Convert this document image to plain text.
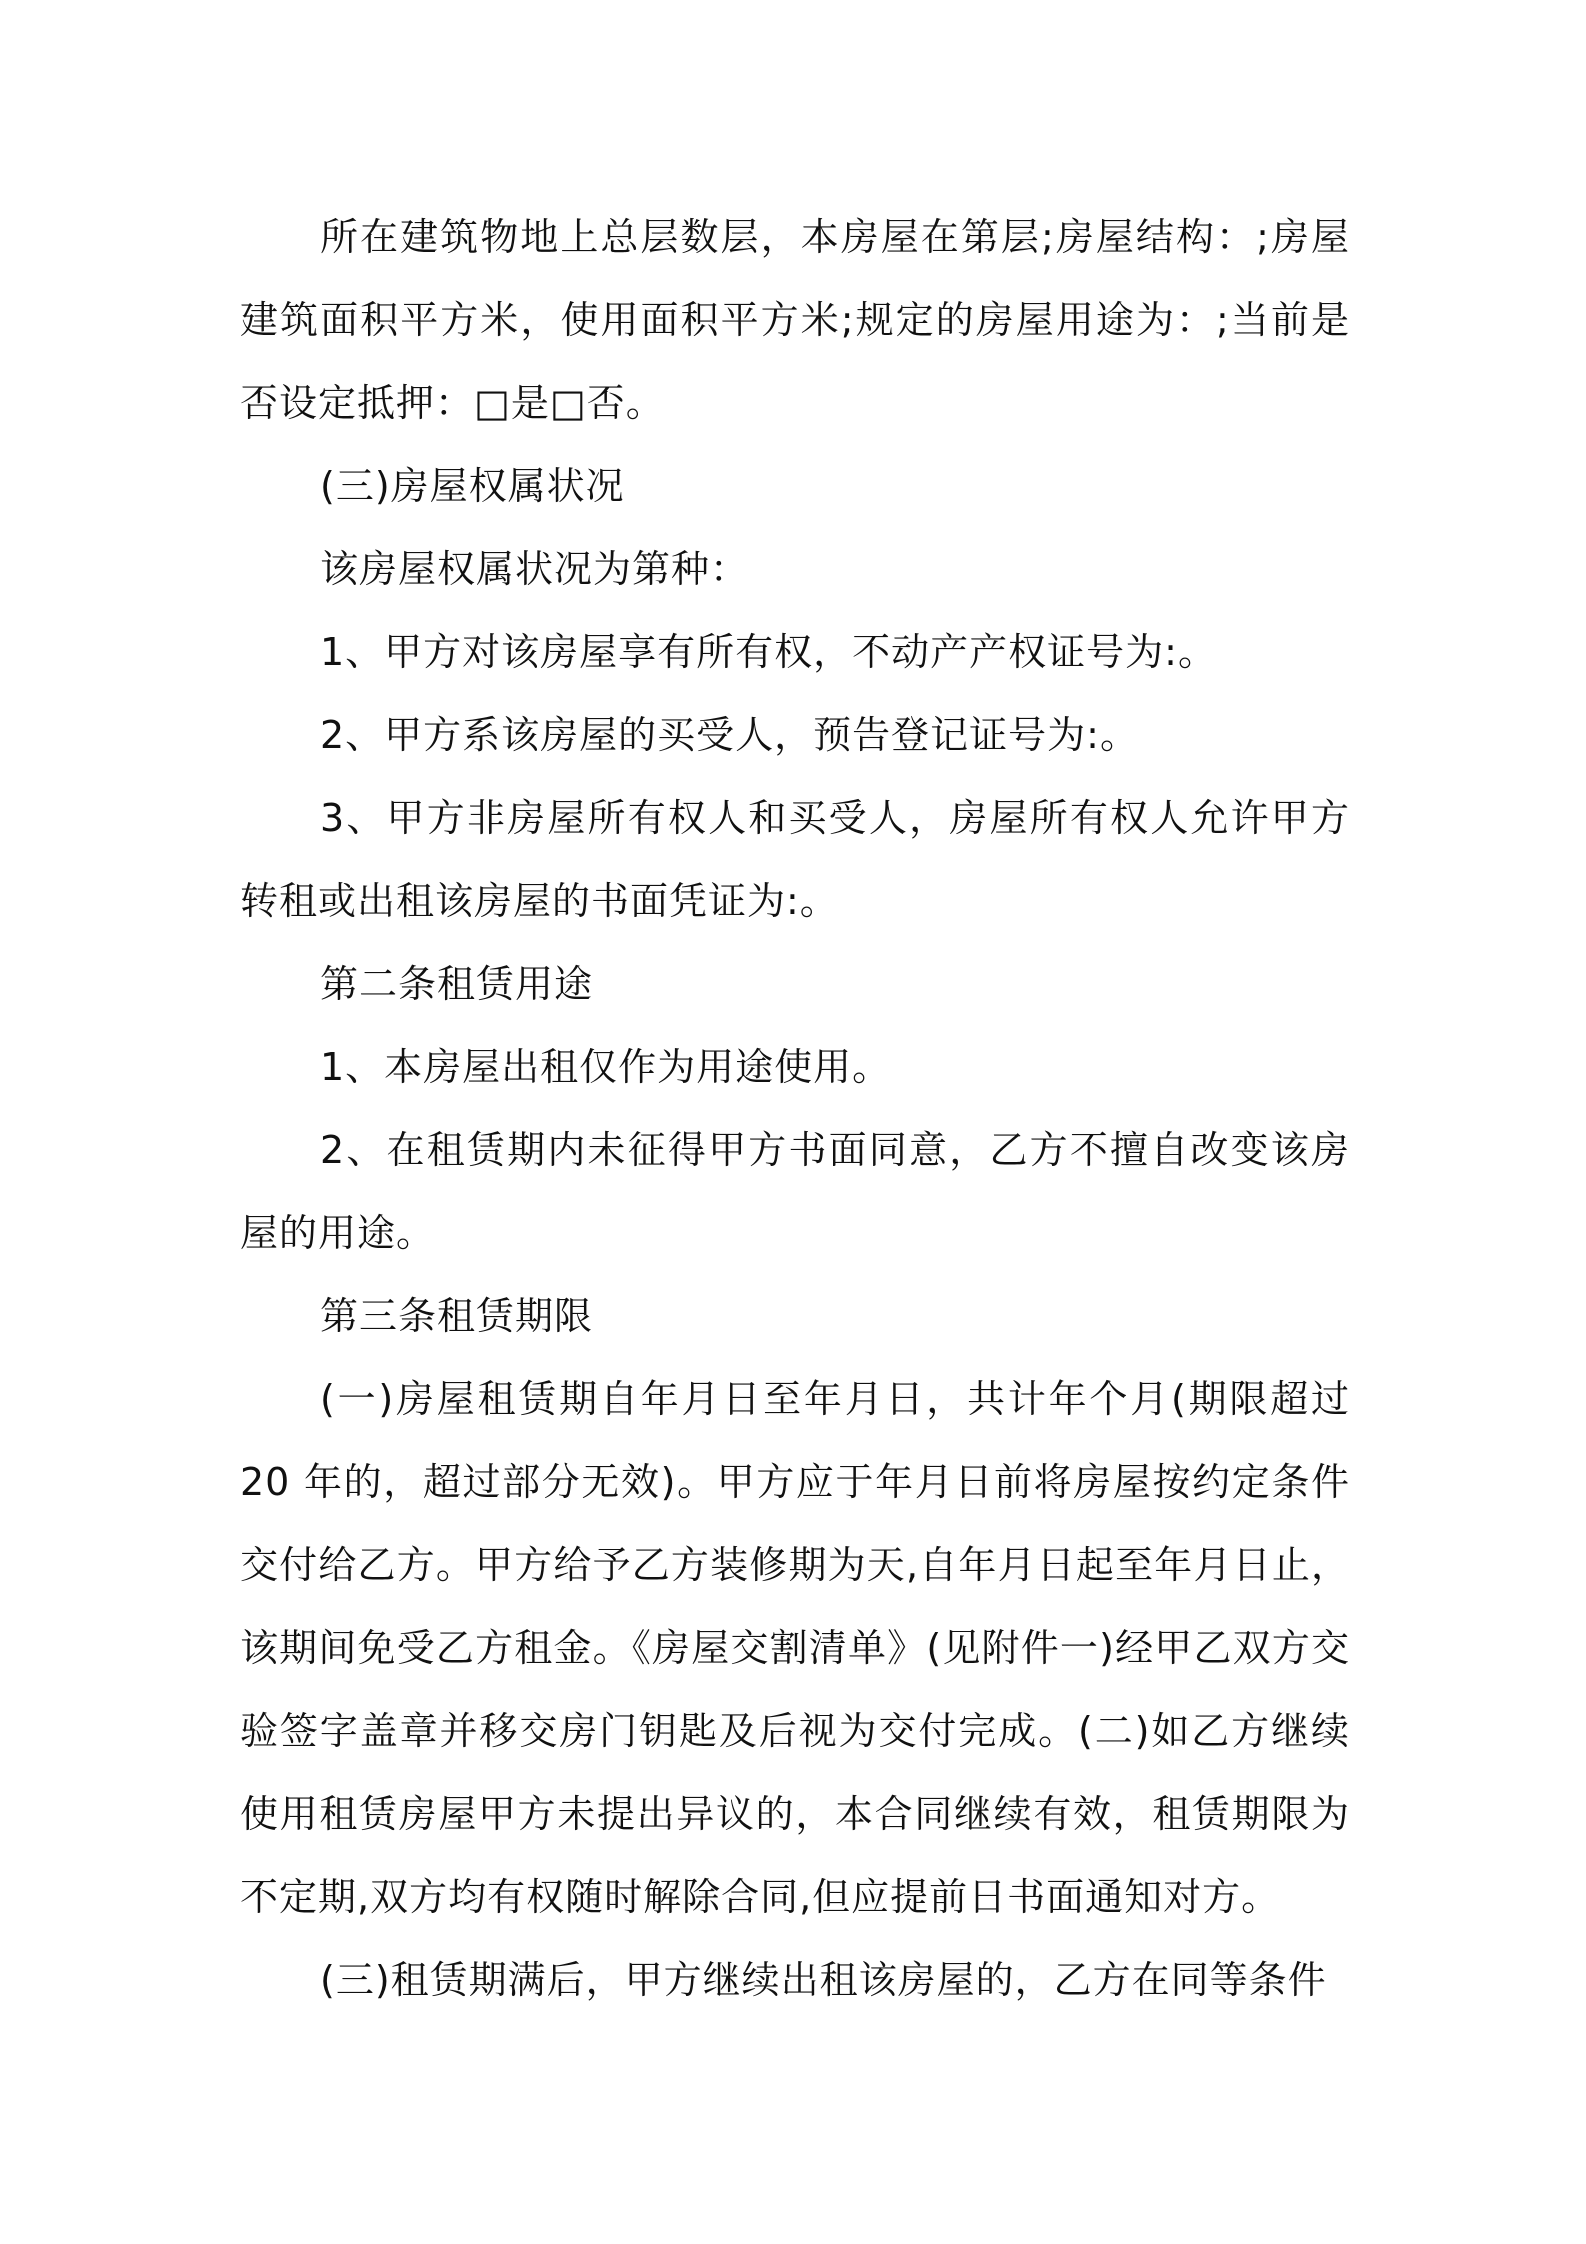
所在建筑物地上总层数层，本房屋在第层;房屋结构：;房屋建筑面积平方米，使用面积平方米;规定的房屋用途为：;当前是否设定抵押：□是□否。

(三)房屋权属状况

该房屋权属状况为第种：

1、甲方对该房屋享有所有权，不动产产权证号为:。

2、甲方系该房屋的买受人，预告登记证号为:。

3、甲方非房屋所有权人和买受人，房屋所有权人允许甲方转租或出租该房屋的书面凭证为:。

第二条租赁用途

1、本房屋出租仅作为用途使用。

2、在租赁期内未征得甲方书面同意，乙方不擅自改变该房屋的用途。

第三条租赁期限

(一)房屋租赁期自年月日至年月日，共计年个月(期限超过20 年的，超过部分无效)。甲方应于年月日前将房屋按约定条件交付给乙方。甲方给予乙方装修期为天,自年月日起至年月日止，该期间免受乙方租金。《房屋交割清单》(见附件一)经甲乙双方交验签字盖章并移交房门钥匙及后视为交付完成。(二)如乙方继续使用租赁房屋甲方未提出异议的，本合同继续有效，租赁期限为不定期,双方均有权随时解除合同,但应提前日书面通知对方。

(三)租赁期满后，甲方继续出租该房屋的，乙方在同等条件
